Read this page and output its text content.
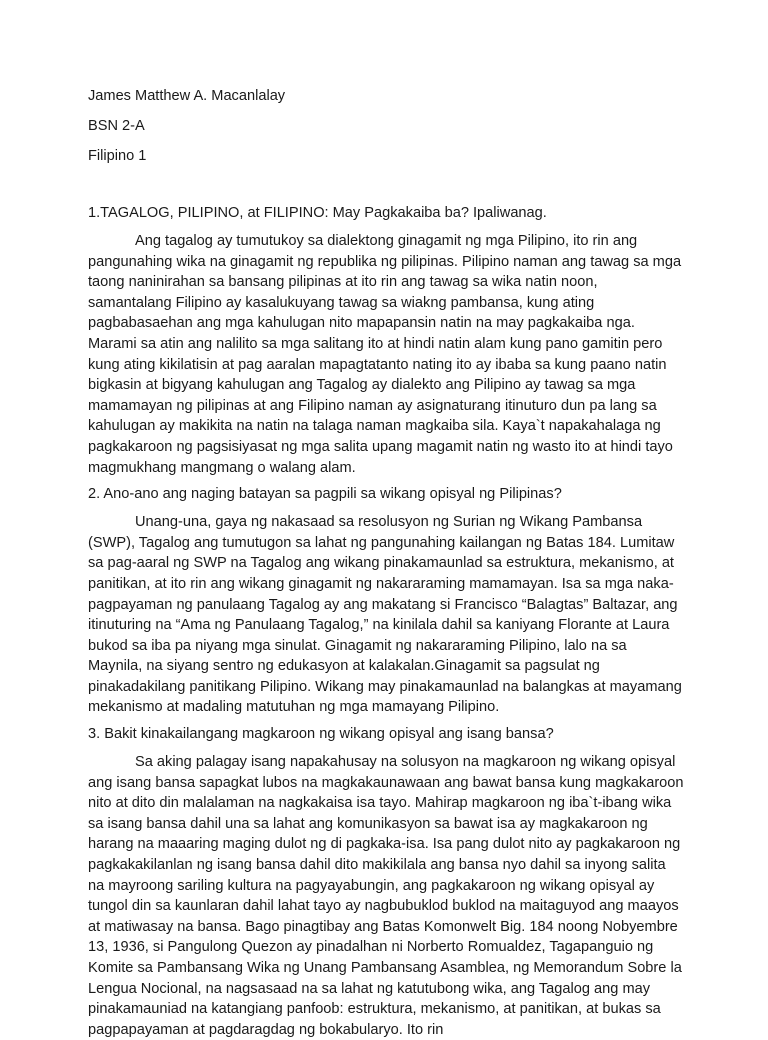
James Matthew A. Macanlalay

BSN 2-A

Filipino 1

1.TAGALOG, PILIPINO, at FILIPINO: May Pagkakaiba ba? Ipaliwanag.

Ang tagalog ay tumutukoy sa dialektong ginagamit ng mga Pilipino, ito rin ang pangunahing wika na ginagamit ng republika ng pilipinas. Pilipino naman ang tawag sa mga taong naninirahan sa bansang pilipinas at ito rin ang tawag sa wika natin noon, samantalang Filipino ay kasalukuyang tawag sa wiakng pambansa, kung ating pagbabasaehan ang mga kahulugan nito mapapansin natin na may pagkakaiba nga. Marami sa atin ang nalilito sa mga salitang ito at hindi natin alam kung pano gamitin pero kung ating kikilatisin at pag aaralan mapagtatanto nating ito ay ibaba sa kung paano natin bigkasin at bigyang kahulugan ang Tagalog ay dialekto ang Pilipino ay tawag sa mga mamamayan ng pilipinas at ang Filipino naman ay asignaturang itinuturo dun pa lang sa kahulugan ay makikita na natin na talaga naman magkaiba sila. Kaya`t napakahalaga ng pagkakaroon ng pagsisiyasat ng mga salita upang magamit natin ng wasto ito at hindi tayo magmukhang mangmang o walang alam.

2. Ano-ano ang naging batayan sa pagpili sa wikang opisyal ng Pilipinas?

Unang-una, gaya ng nakasaad sa resolusyon ng Surian ng Wikang Pambansa (SWP), Tagalog ang tumutugon sa lahat ng pangunahing kailangan ng Batas 184. Lumitaw sa pag-aaral ng SWP na Tagalog ang wikang pinakamaunlad sa estruktura, mekanismo, at panitikan, at ito rin ang wikang ginagamit ng nakararaming mamamayan. Isa sa mga naka-pagpayaman ng panulaang Tagalog ay ang makatang si Francisco “Balagtas” Baltazar, ang itinuturing na “Ama ng Panulaang Tagalog,” na kinilala dahil sa kaniyang Florante at Laura bukod sa iba pa niyang mga sinulat. Ginagamit ng nakararaming Pilipino, lalo na sa Maynila, na siyang sentro ng edukasyon at kalakalan.Ginagamit sa pagsulat ng pinakadakilang panitikang Pilipino. Wikang may pinakamaunlad na balangkas at mayamang mekanismo at madaling matutuhan ng mga mamayang Pilipino.

3. Bakit kinakailangang magkaroon ng wikang opisyal ang isang bansa?

Sa aking palagay isang napakahusay na solusyon na magkaroon ng wikang opisyal ang isang bansa sapagkat lubos na magkakaunawaan ang bawat bansa kung magkakaroon nito at dito din malalaman na nagkakaisa isa tayo. Mahirap magkaroon ng iba`t-ibang wika sa isang bansa dahil una sa lahat ang komunikasyon sa bawat isa ay magkakaroon ng harang na maaaring maging dulot ng di pagkaka-isa. Isa pang dulot nito ay pagkakaroon ng pagkakakilanlan ng isang bansa dahil dito makikilala ang bansa nyo dahil sa inyong salita na mayroong sariling kultura na pagyayabungin, ang pagkakaroon ng wikang opisyal ay tungol din sa kaunlaran dahil lahat tayo ay nagbubuklod buklod na maitaguyod ang maayos at matiwasay na bansa. Bago pinagtibay ang Batas Komonwelt Big. 184 noong Nobyembre 13, 1936, si Pangulong Quezon ay pinadalhan ni Norberto Romualdez, Tagapanguio ng Komite sa Pambansang Wika ng Unang Pambansang Asamblea, ng Memorandum Sobre la Lengua Nocional, na nagsasaad na sa lahat ng katutubong wika, ang Tagalog ang may pinakamauniad na katangiang panfoob: estruktura, mekanismo, at panitikan, at bukas sa pagpapayaman at pagdaragdag ng bokabularyo. Ito rin
